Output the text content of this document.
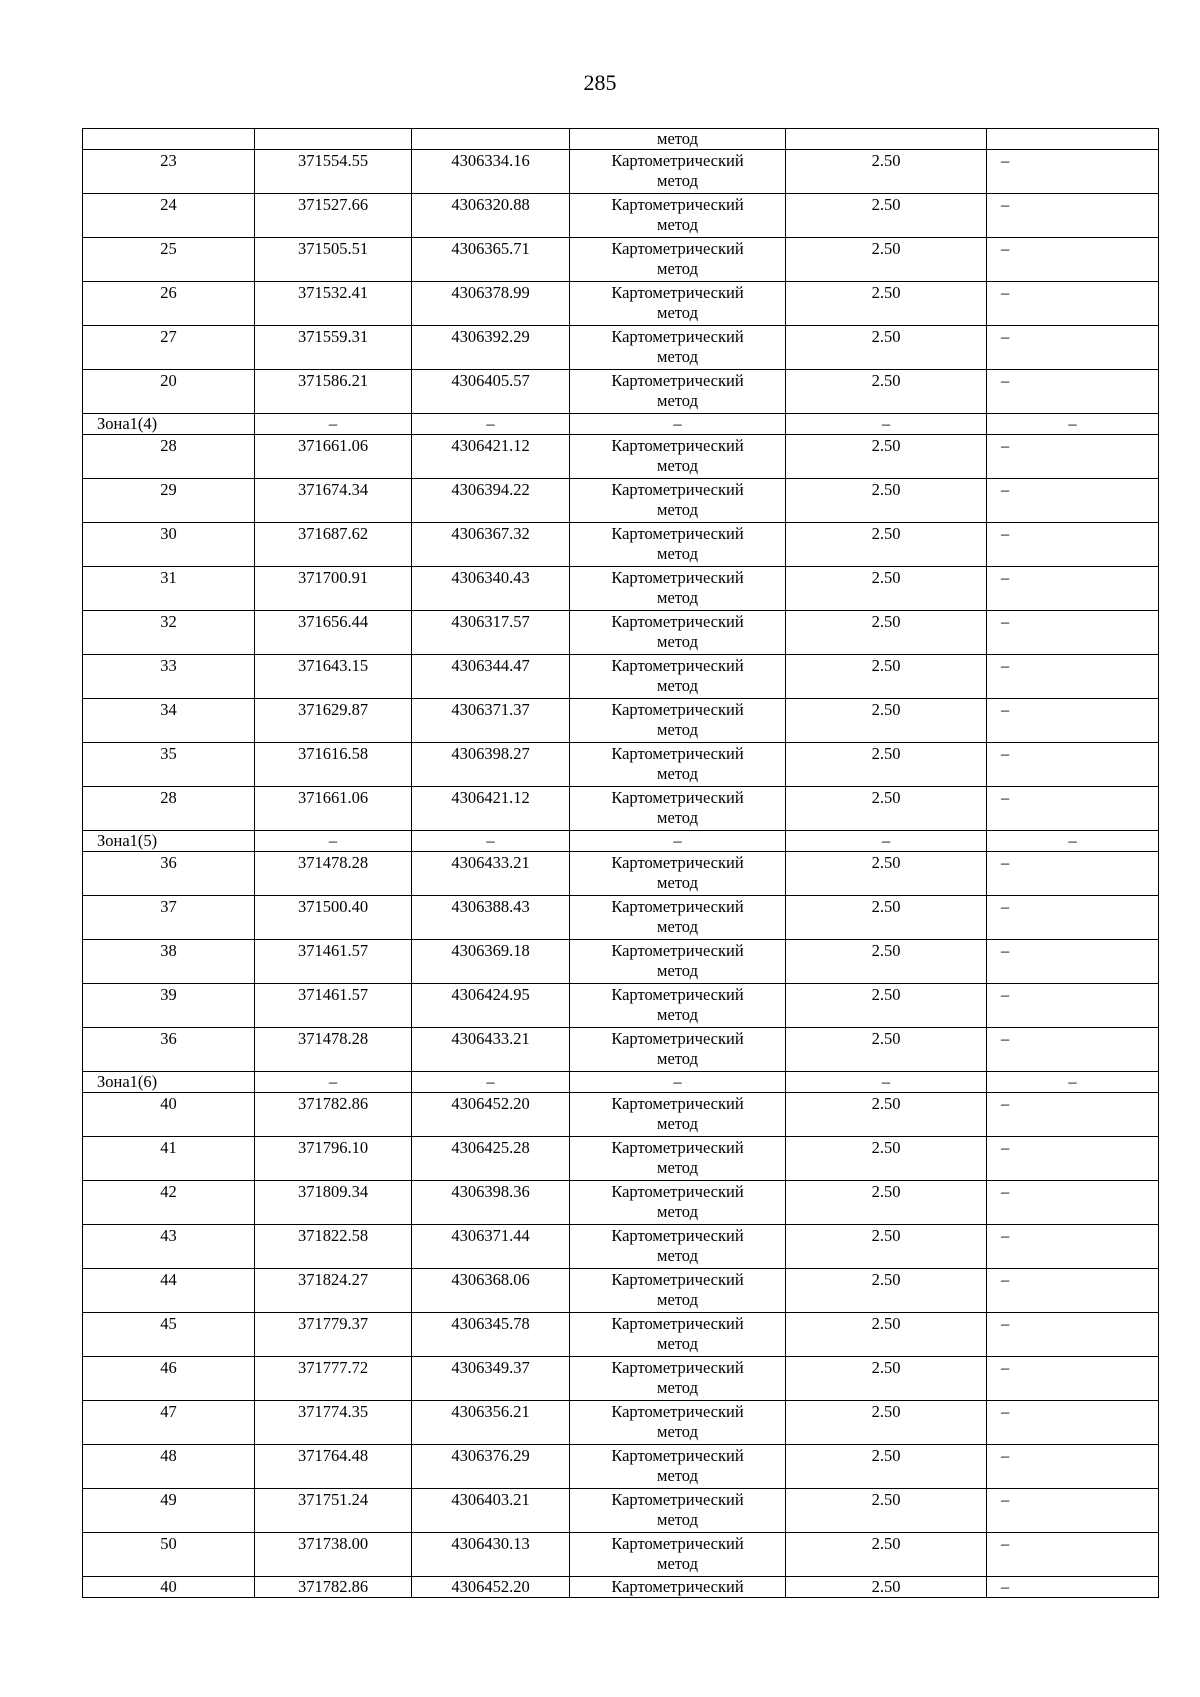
285
			метод		
23	371554.55	4306334.16	Картометрический
метод	2.50	–
24	371527.66	4306320.88	Картометрический
метод	2.50	–
25	371505.51	4306365.71	Картометрический
метод	2.50	–
26	371532.41	4306378.99	Картометрический
метод	2.50	–
27	371559.31	4306392.29	Картометрический
метод	2.50	–
20	371586.21	4306405.57	Картометрический
метод	2.50	–
Зона1(4)	–	–	–	–	–
28	371661.06	4306421.12	Картометрический
метод	2.50	–
29	371674.34	4306394.22	Картометрический
метод	2.50	–
30	371687.62	4306367.32	Картометрический
метод	2.50	–
31	371700.91	4306340.43	Картометрический
метод	2.50	–
32	371656.44	4306317.57	Картометрический
метод	2.50	–
33	371643.15	4306344.47	Картометрический
метод	2.50	–
34	371629.87	4306371.37	Картометрический
метод	2.50	–
35	371616.58	4306398.27	Картометрический
метод	2.50	–
28	371661.06	4306421.12	Картометрический
метод	2.50	–
Зона1(5)	–	–	–	–	–
36	371478.28	4306433.21	Картометрический
метод	2.50	–
37	371500.40	4306388.43	Картометрический
метод	2.50	–
38	371461.57	4306369.18	Картометрический
метод	2.50	–
39	371461.57	4306424.95	Картометрический
метод	2.50	–
36	371478.28	4306433.21	Картометрический
метод	2.50	–
Зона1(6)	–	–	–	–	–
40	371782.86	4306452.20	Картометрический
метод	2.50	–
41	371796.10	4306425.28	Картометрический
метод	2.50	–
42	371809.34	4306398.36	Картометрический
метод	2.50	–
43	371822.58	4306371.44	Картометрический
метод	2.50	–
44	371824.27	4306368.06	Картометрический
метод	2.50	–
45	371779.37	4306345.78	Картометрический
метод	2.50	–
46	371777.72	4306349.37	Картометрический
метод	2.50	–
47	371774.35	4306356.21	Картометрический
метод	2.50	–
48	371764.48	4306376.29	Картометрический
метод	2.50	–
49	371751.24	4306403.21	Картометрический
метод	2.50	–
50	371738.00	4306430.13	Картометрический
метод	2.50	–
40	371782.86	4306452.20	Картометрический	2.50	–
